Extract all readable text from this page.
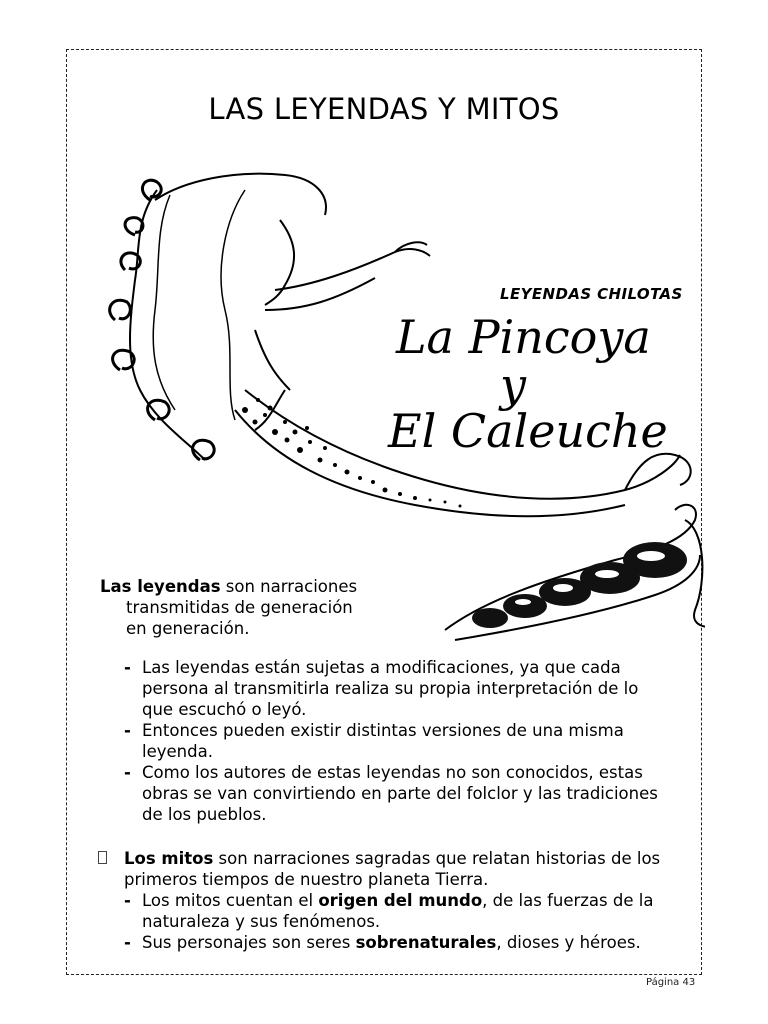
LAS LEYENDAS Y MITOS
LEYENDAS CHILOTAS
La Pincoya
y
El Caleuche
Las leyendas son narraciones
transmitidas de generación
en generación.
- Las leyendas están sujetas a modificaciones, ya que cada
persona al transmitirla realiza su propia interpretación de lo
que escuchó o leyó.
- Entonces pueden existir distintas versiones de una misma
leyenda.
- Como los autores de estas leyendas no son conocidos, estas
obras se van convirtiendo en parte del folclor y las tradiciones
de los pueblos.
Los mitos son narraciones sagradas que relatan historias de los
primeros tiempos de nuestro planeta Tierra.
- Los mitos cuentan el origen del mundo, de las fuerzas de la
naturaleza y sus fenómenos.
- Sus personajes son seres sobrenaturales, dioses y héroes.
Página 43
